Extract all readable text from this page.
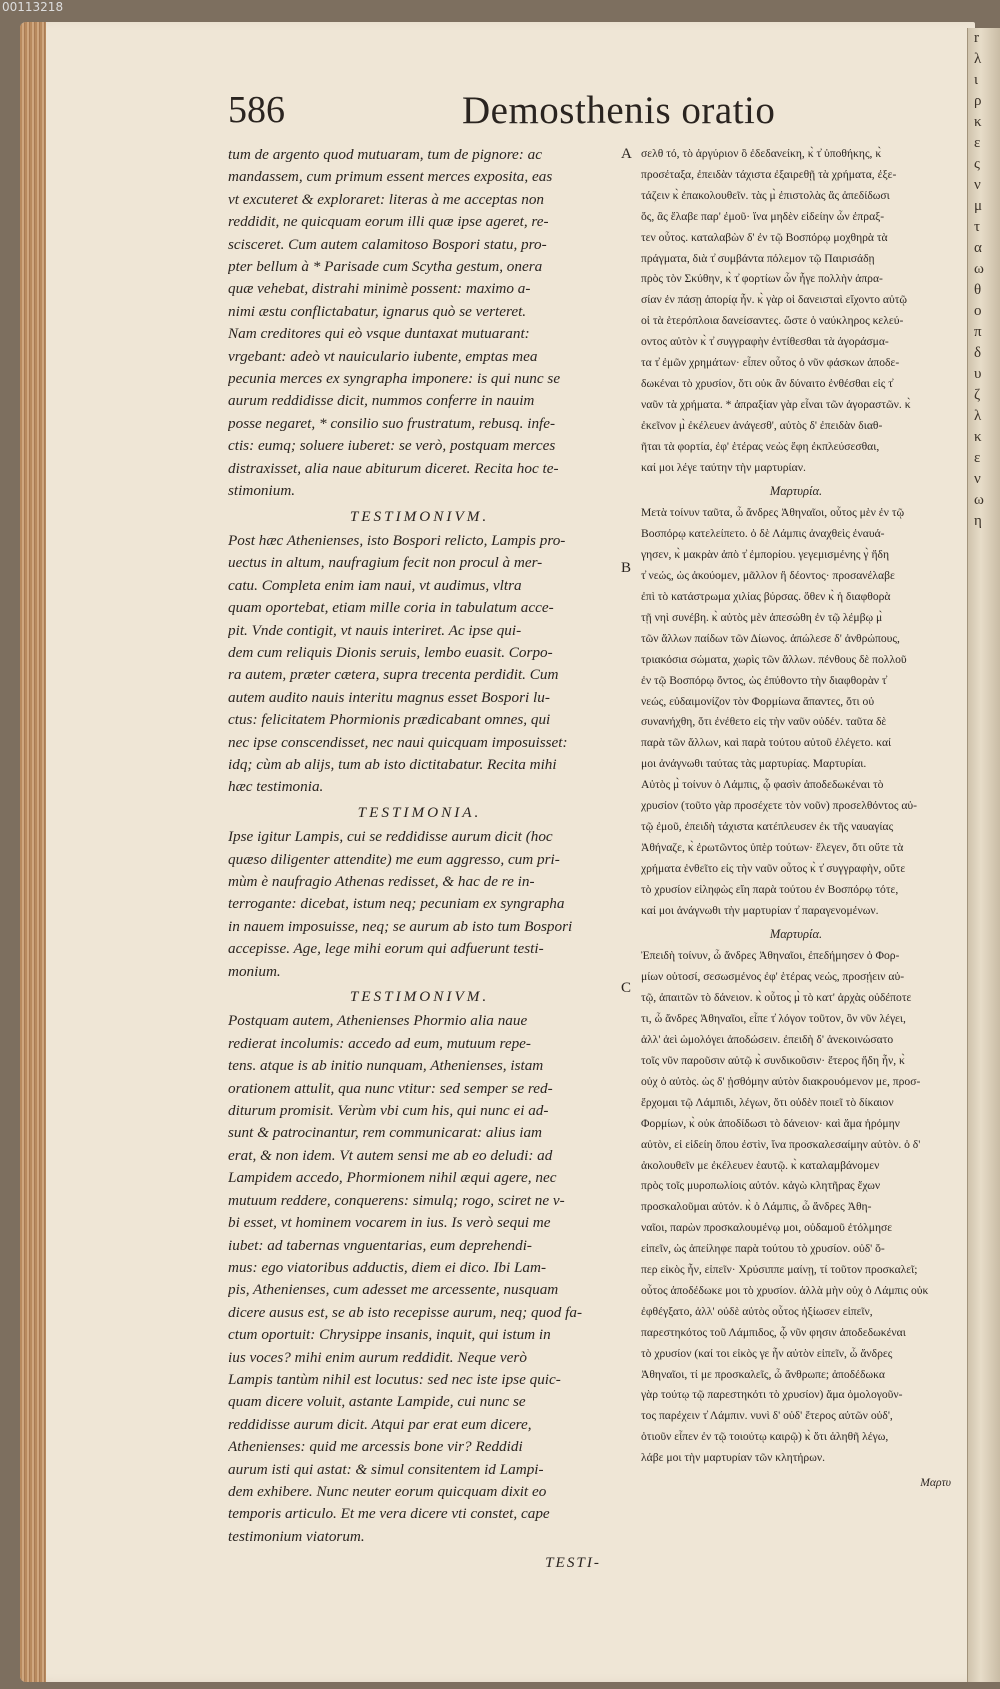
00113218
r
λ
ι
ρ
κ
ε
ς
ν
μ
τ
α
ω
θ
ο
π
δ
υ
ζ
λ
κ
ε
ν
ω
η
586	Demosthenis oratio
A
B
C
tum de argento quod mutuaram, tum de pignore: ac
mandassem, cum primum essent merces exposita, eas
vt excuteret & exploraret: literas à me acceptas non
reddidit, ne quicquam eorum illi quæ ipse ageret, re-
scisceret. Cum autem calamitoso Bospori statu, pro-
pter bellum à * Parisade cum Scytha gestum, onera
quæ vehebat, distrahi minimè possent: maximo a-
nimi æstu conflictabatur, ignarus quò se verteret.
Nam creditores qui eò vsque duntaxat mutuarant:
vrgebant: adeò vt nauiculario iubente, emptas mea
pecunia merces ex syngrapha imponere: is qui nunc se
aurum reddidisse dicit, nummos conferre in nauim
posse negaret, * consilio suo frustratum, rebusq. infe-
ctis: eumq; soluere iuberet: se verò, postquam merces
distraxisset, alia naue abiturum diceret. Recita hoc te-
stimonium.
TESTIMONIVM.
Post hæc Athenienses, isto Bospori relicto, Lampis pro-
uectus in altum, naufragium fecit non procul à mer-
catu. Completa enim iam naui, vt audimus, vltra
quam oportebat, etiam mille coria in tabulatum acce-
pit. Vnde contigit, vt nauis interiret. Ac ipse qui-
dem cum reliquis Dionis seruis, lembo euasit. Corpo-
ra autem, præter cætera, supra trecenta perdidit. Cum
autem audito nauis interitu magnus esset Bospori lu-
ctus: felicitatem Phormionis prædicabant omnes, qui
nec ipse conscendisset, nec naui quicquam imposuisset:
idq; cùm ab alijs, tum ab isto dictitabatur. Recita mihi
hæc testimonia.
TESTIMONIA.
Ipse igitur Lampis, cui se reddidisse aurum dicit (hoc
quæso diligenter attendite) me eum aggresso, cum pri-
mùm è naufragio Athenas redisset, & hac de re in-
terrogante: dicebat, istum neq; pecuniam ex syngrapha
in nauem imposuisse, neq; se aurum ab isto tum Bospori
accepisse. Age, lege mihi eorum qui adfuerunt testi-
monium.
TESTIMONIVM.
Postquam autem, Athenienses Phormio alia naue
redierat incolumis: accedo ad eum, mutuum repe-
tens. atque is ab initio nunquam, Athenienses, istam
orationem attulit, qua nunc vtitur: sed semper se red-
diturum promisit. Verùm vbi cum his, qui nunc ei ad-
sunt & patrocinantur, rem communicarat: alius iam
erat, & non idem. Vt autem sensi me ab eo deludi: ad
Lampidem accedo, Phormionem nihil æqui agere, nec
mutuum reddere, conquerens: simulq; rogo, sciret ne v-
bi esset, vt hominem vocarem in ius. Is verò sequi me
iubet: ad tabernas vnguentarias, eum deprehendi-
mus: ego viatoribus adductis, diem ei dico. Ibi Lam-
pis, Athenienses, cum adesset me arcessente, nusquam
dicere ausus est, se ab isto recepisse aurum, neq; quod fa-
ctum oportuit: Chrysippe insanis, inquit, qui istum in
ius voces? mihi enim aurum reddidit. Neque verò
Lampis tantùm nihil est locutus: sed nec iste ipse quic-
quam dicere voluit, astante Lampide, cui nunc se
reddidisse aurum dicit. Atqui par erat eum dicere,
Athenienses: quid me arcessis bone vir? Reddidi
aurum isti qui astat: & simul consitentem id Lampi-
dem exhibere. Nunc neuter eorum quicquam dixit eo
temporis articulo. Et me vera dicere vti constet, cape
testimonium viatorum.
TESTI-
σελθ τό, τὸ ἀργύριον ὃ ἐδεδανείκη, κ̀ τ̓ ὑποθήκης, κ̀
προσέταξα, ἐπειδὰν τάχιστα ἐξαιρεθῇ τὰ χρήματα, ἐξε-
τάζειν κ̀ ἐπακολουθεῖν. τὰς μ̀ ἐπιστολὰς ἃς ἀπεδίδωσι
ὅς, ἃς ἔλαβε παρ' ἐμοῦ· ἵνα μηδὲν εἰδείην ὧν ἐπραξ-
τεν οὗτος. καταλαβὼν δ' ἐν τῷ Βοσπόρῳ μοχθηρὰ τὰ
πράγματα, διὰ τ̓ συμβάντα πόλεμον τῷ Παιρισάδῃ
πρὸς τὸν Σκύθην, κ̀ τ̓ φορτίων ὧν ἦγε πολλὴν ἀπρα-
σίαν ἐν πάσῃ ἀπορίᾳ ἦν. κ̀ γὰρ οἱ δανεισταὶ εἴχοντο αὐτῷ
οἱ τὰ ἑτερόπλοια δανείσαντες. ὥστε ὁ ναύκληρος κελεύ-
οντος αὐτὸν κ̀ τ̓ συγγραφὴν ἐντίθεσθαι τὰ ἀγοράσμα-
τα τ̓ ἐμῶν χρημάτων· εἶπεν οὗτος ὁ νῦν φάσκων ἀποδε-
δωκέναι τὸ χρυσίον, ὅτι οὐκ ἂν δύναιτο ἐνθέσθαι εἰς τ̓
ναῦν τὰ χρήματα. * ἀπραξίαν γὰρ εἶναι τῶν ἀγοραστῶν. κ̀
ἐκεῖνον μ̀ ἐκέλευεν ἀνάγεσθ', αὐτὸς δ' ἐπειδὰν διαθ-
ῆται τὰ φορτία, ἐφ' ἑτέρας νεὼς ἔφη ἐκπλεύσεσθαι,
καί μοι λέγε ταύτην τὴν μαρτυρίαν.
Μαρτυρία.
Μετὰ τοίνυν ταῦτα, ὦ ἄνδρες Ἀθηναῖοι, οὗτος μὲν ἐν τῷ
Βοσπόρῳ κατελείπετο. ὁ δὲ Λάμπις ἀναχθεὶς ἐναυά-
γησεν, κ̀ μακρὰν ἀπὸ τ̓ ἐμπορίου. γεγεμισμένης γ̀ ἤδη
τ̓ νεώς, ὡς ἀκούομεν, μᾶλλον ἢ δέοντος· προσανέλαβε
ἐπὶ τὸ κατάστρωμα χιλίας βύρσας. ὅθεν κ̀ ἡ διαφθορὰ
τῇ νηὶ συνέβη. κ̀ αὐτὸς μὲν ἀπεσώθη ἐν τῷ λέμβῳ μ̀
τῶν ἄλλων παίδων τῶν Δίωνος. ἀπώλεσε δ' ἀνθρώπους,
τριακόσια σώματα, χωρὶς τῶν ἄλλων. πένθους δὲ πολλοῦ
ἐν τῷ Βοσπόρῳ ὄντος, ὡς ἐπύθοντο τὴν διαφθορὰν τ̓
νεώς, εὐδαιμονίζον τὸν Φορμίωνα ἅπαντες, ὅτι οὐ
συνανήχθη, ὅτι ἐνέθετο εἰς τὴν ναῦν οὐδέν. ταῦτα δὲ
παρὰ τῶν ἄλλων, καὶ παρὰ τούτου αὐτοῦ ἐλέγετο. καί
μοι ἀνάγνωθι ταύτας τὰς μαρτυρίας. Μαρτυρίαι.
Αὐτὸς μ̀ τοίνυν ὁ Λάμπις, ᾧ φασὶν ἀποδεδωκέναι τὸ
χρυσίον (τοῦτο γὰρ προσέχετε τὸν νοῦν) προσελθόντος αὐ-
τῷ ἐμοῦ, ἐπειδὴ τάχιστα κατέπλευσεν ἐκ τῆς ναυαγίας
Ἀθήναζε, κ̀ ἐρωτῶντος ὑπὲρ τούτων· ἔλεγεν, ὅτι οὔτε τὰ
χρήματα ἐνθεῖτο εἰς τὴν ναῦν οὗτος κ̀ τ̓ συγγραφὴν, οὔτε
τὸ χρυσίον εἰληφὼς εἴη παρὰ τούτου ἐν Βοσπόρῳ τότε,
καί μοι ἀνάγνωθι τὴν μαρτυρίαν τ̓ παραγενομένων.
Μαρτυρία.
Ἐπειδὴ τοίνυν, ὦ ἄνδρες Ἀθηναῖοι, ἐπεδήμησεν ὁ Φορ-
μίων οὑτοσί, σεσωσμένος ἐφ' ἑτέρας νεώς, προσῄειν αὐ-
τῷ, ἀπαιτῶν τὸ δάνειον. κ̀ οὗτος μ̀ τὸ κατ' ἀρχὰς οὐδέποτε
τι, ὦ ἄνδρες Ἀθηναῖοι, εἶπε τ̓ λόγον τοῦτον, ὃν νῦν λέγει,
ἀλλ' ἀεὶ ὡμολόγει ἀποδώσειν. ἐπειδὴ δ' ἀνεκοινώσατο
τοῖς νῦν παροῦσιν αὐτῷ κ̀ συνδικοῦσιν· ἕτερος ἤδη ἦν, κ̀
οὐχ ὁ αὐτὸς. ὡς δ' ᾐσθόμην αὐτὸν διακρουόμενον με, προσ-
ἔρχομαι τῷ Λάμπιδι, λέγων, ὅτι οὐδὲν ποιεῖ τὸ δίκαιον
Φορμίων, κ̀ οὐκ ἀποδίδωσι τὸ δάνειον· καὶ ἅμα ἠρόμην
αὐτὸν, εἰ εἰδείη ὅπου ἐστὶν, ἵνα προσκαλεσαίμην αὐτὸν. ὁ δ'
ἀκολουθεῖν με ἐκέλευεν ἑαυτῷ. κ̀ καταλαμβάνομεν
πρὸς τοῖς μυροπωλίοις αὐτόν. κἀγὼ κλητῆρας ἔχων
προσκαλοῦμαι αὐτόν. κ̀ ὁ Λάμπις, ὦ ἄνδρες Ἀθη-
ναῖοι, παρὼν προσκαλουμένῳ μοι, οὐδαμοῦ ἐτόλμησε
εἰπεῖν, ὡς ἀπείληφε παρὰ τούτου τὸ χρυσίον. οὐδ' ὅ-
περ εἰκὸς ἦν, εἰπεῖν· Χρύσιππε μαίνῃ, τί τοῦτον προσκαλεῖ;
οὗτος ἀποδέδωκε μοι τὸ χρυσίον. ἀλλὰ μὴν οὐχ ὁ Λάμπις οὐκ
ἐφθέγξατο, ἀλλ' οὐδὲ αὐτὸς οὗτος ἠξίωσεν εἰπεῖν,
παρεστηκότος τοῦ Λάμπιδος, ᾧ νῦν φησιν ἀποδεδωκέναι
τὸ χρυσίον (καί τοι εἰκὸς γε ἦν αὐτὸν εἰπεῖν, ὦ ἄνδρες
Ἀθηναῖοι, τί με προσκαλεῖς, ὦ ἄνθρωπε; ἀποδέδωκα
γὰρ τούτῳ τῷ παρεστηκότι τὸ χρυσίον) ἅμα ὁμολογοῦν-
τος παρέχειν τ̓ Λάμπιν. νυνὶ δ' οὐδ' ἕτερος αὐτῶν οὐδ',
ὁτιοῦν εἶπεν ἐν τῷ τοιούτῳ καιρῷ) κ̀ ὅτι ἀληθῆ λέγω,
λάβε μοι τὴν μαρτυρίαν τῶν κλητήρων.
Μαρτυ
